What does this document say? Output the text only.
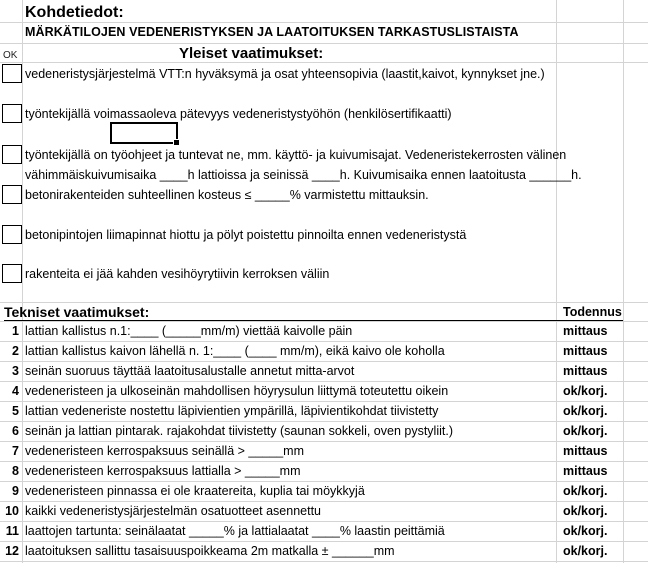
Kohdetiedot:
MÄRKÄTILOJEN VEDENERISTYKSEN JA LAATOITUKSEN TARKASTUSLISTAISTA
OK	Yleiset vaatimukset:
vedeneristysjärjestelmä VTT:n hyväksymä ja osat yhteensopivia (laastit,kaivot, kynnykset jne.)
työntekijällä voimassaoleva pätevyys vedeneristystyöhön (henkilösertifikaatti)
työntekijällä on työohjeet ja tuntevat ne, mm. käyttö- ja kuivumisajat. Vedeneristekerrosten välinen
vähimmäiskuivumisaika ____h lattioissa ja seinissä ____h. Kuivumisaika ennen laatoitusta ______h.
betonirakenteiden suhteellinen kosteus ≤ _____% varmistettu mittauksin.
betonipintojen liimapinnat hiottu ja pölyt poistettu pinnoilta ennen vedeneristystä
rakenteita ei jää kahden vesihöyrytiivin kerroksen väliin
Tekniset vaatimukset:	Todennus
1 lattian kallistus n.1:____ (_____mm/m) viettää kaivolle päin	mittaus
2 lattian kallistus kaivon lähellä n. 1:____ (____ mm/m), eikä kaivo ole koholla	mittaus
3 seinän suoruus täyttää laatoitusalustalle annetut mitta-arvot	mittaus
4 vedeneristeen ja ulkoseinän mahdollisen höyrysulun liittymä toteutettu oikein	ok/korj.
5 lattian vedeneriste nostettu läpivientien ympärillä, läpivientikohdat tiivistetty	ok/korj.
6 seinän ja lattian pintarak. rajakohdat tiivistetty (saunan sokkeli, oven pystyliit.)	ok/korj.
7 vedeneristeen kerrospaksuus seinällä > _____mm	mittaus
8 vedeneristeen kerrospaksuus lattialla > _____mm	mittaus
9 vedeneristeen pinnassa ei ole kraatereita, kuplia tai möykkyjä	ok/korj.
10 kaikki vedeneristysjärjestelmän osatuotteet asennettu	ok/korj.
11 laattojen tartunta: seinälaatat _____% ja lattialaatat ____% laastin peittämiä	ok/korj.
12 laatoituksen sallittu tasaisuuspoikkeama 2m matkalla ± ______mm	ok/korj.
